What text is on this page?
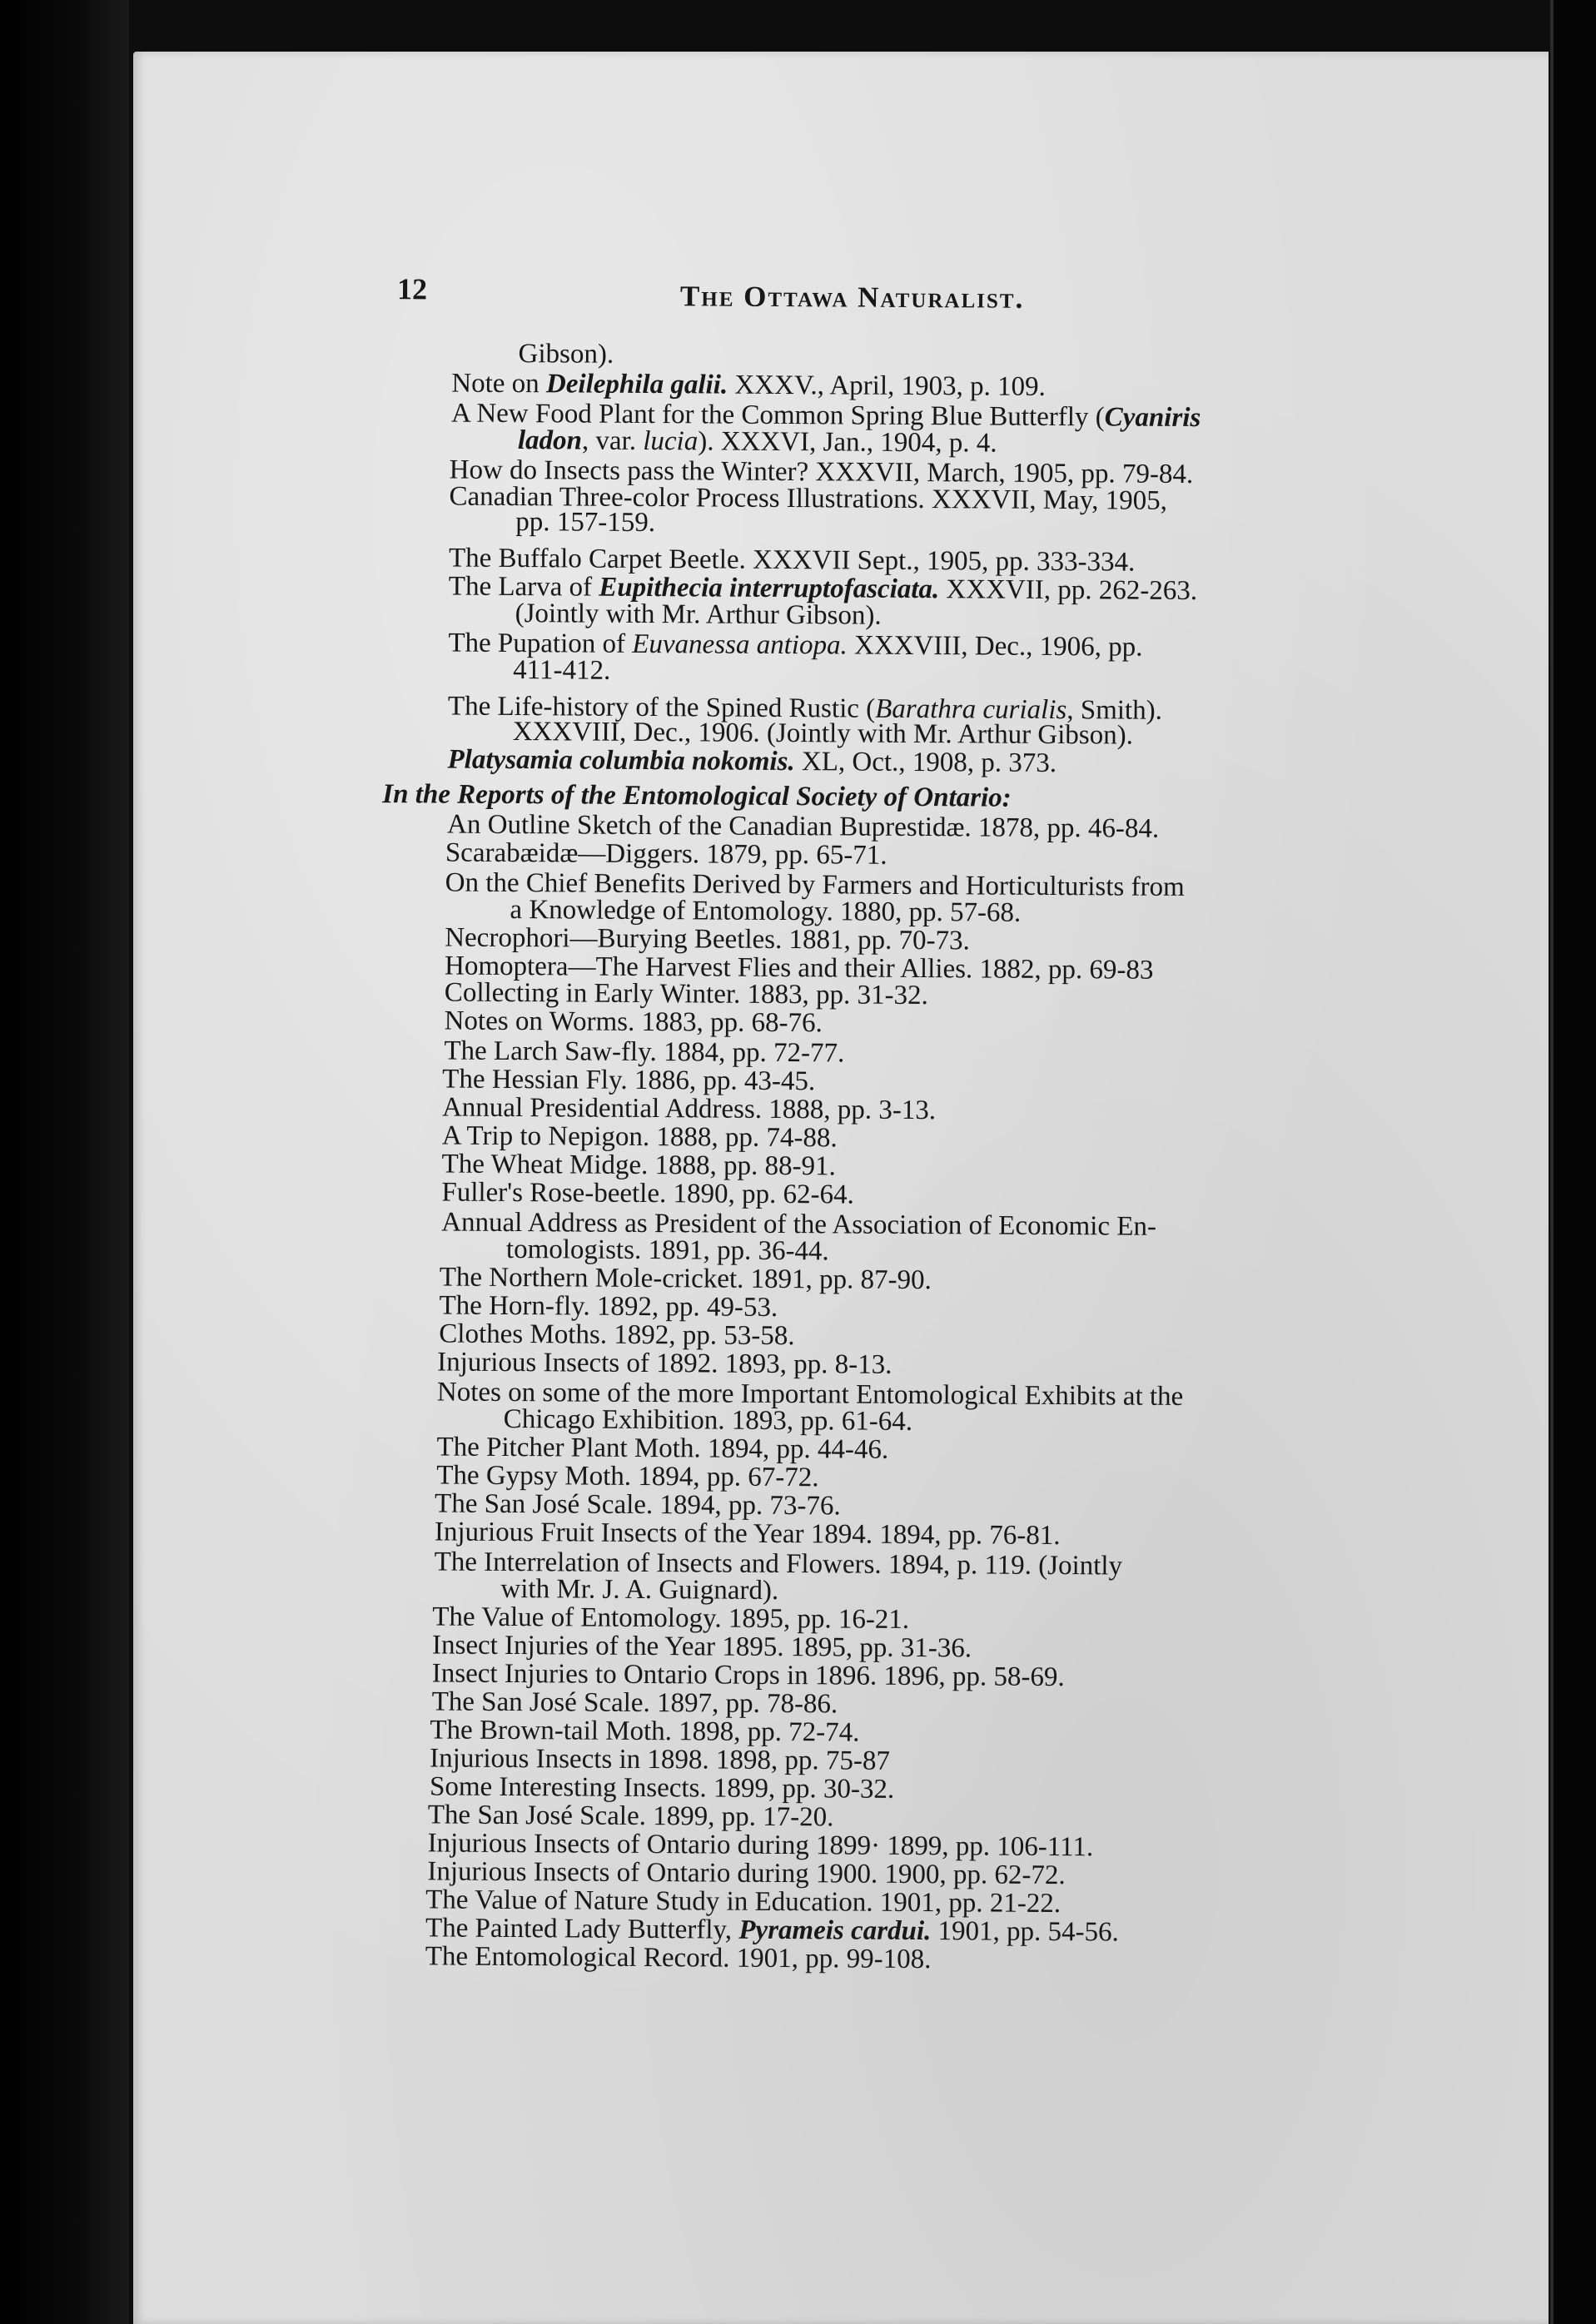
12	The Ottawa Naturalist.
Gibson).
Note on Deilephila galii. XXXV., April, 1903, p. 109.
A New Food Plant for the Common Spring Blue Butterfly (Cyaniris
ladon, var. lucia). XXXVI, Jan., 1904, p. 4.
How do Insects pass the Winter? XXXVII, March, 1905, pp. 79-84.
Canadian Three-color Process Illustrations. XXXVII, May, 1905,
pp. 157-159.
The Buffalo Carpet Beetle. XXXVII Sept., 1905, pp. 333-334.
The Larva of Eupithecia interruptofasciata. XXXVII, pp. 262-263.
(Jointly with Mr. Arthur Gibson).
The Pupation of Euvanessa antiopa. XXXVIII, Dec., 1906, pp.
411-412.
The Life-history of the Spined Rustic (Barathra curialis, Smith).
XXXVIII, Dec., 1906. (Jointly with Mr. Arthur Gibson).
Platysamia columbia nokomis. XL, Oct., 1908, p. 373.
In the Reports of the Entomological Society of Ontario:
An Outline Sketch of the Canadian Buprestidæ. 1878, pp. 46-84.
Scarabæidæ—Diggers. 1879, pp. 65-71.
On the Chief Benefits Derived by Farmers and Horticulturists from
a Knowledge of Entomology. 1880, pp. 57-68.
Necrophori—Burying Beetles. 1881, pp. 70-73.
Homoptera—The Harvest Flies and their Allies. 1882, pp. 69-83
Collecting in Early Winter. 1883, pp. 31-32.
Notes on Worms. 1883, pp. 68-76.
The Larch Saw-fly. 1884, pp. 72-77.
The Hessian Fly. 1886, pp. 43-45.
Annual Presidential Address. 1888, pp. 3-13.
A Trip to Nepigon. 1888, pp. 74-88.
The Wheat Midge. 1888, pp. 88-91.
Fuller's Rose-beetle. 1890, pp. 62-64.
Annual Address as President of the Association of Economic En-
tomologists. 1891, pp. 36-44.
The Northern Mole-cricket. 1891, pp. 87-90.
The Horn-fly. 1892, pp. 49-53.
Clothes Moths. 1892, pp. 53-58.
Injurious Insects of 1892. 1893, pp. 8-13.
Notes on some of the more Important Entomological Exhibits at the
Chicago Exhibition. 1893, pp. 61-64.
The Pitcher Plant Moth. 1894, pp. 44-46.
The Gypsy Moth. 1894, pp. 67-72.
The San José Scale. 1894, pp. 73-76.
Injurious Fruit Insects of the Year 1894. 1894, pp. 76-81.
The Interrelation of Insects and Flowers. 1894, p. 119. (Jointly
with Mr. J. A. Guignard).
The Value of Entomology. 1895, pp. 16-21.
Insect Injuries of the Year 1895. 1895, pp. 31-36.
Insect Injuries to Ontario Crops in 1896. 1896, pp. 58-69.
The San José Scale. 1897, pp. 78-86.
The Brown-tail Moth. 1898, pp. 72-74.
Injurious Insects in 1898. 1898, pp. 75-87
Some Interesting Insects. 1899, pp. 30-32.
The San José Scale. 1899, pp. 17-20.
Injurious Insects of Ontario during 1899· 1899, pp. 106-111.
Injurious Insects of Ontario during 1900. 1900, pp. 62-72.
The Value of Nature Study in Education. 1901, pp. 21-22.
The Painted Lady Butterfly, Pyrameis cardui. 1901, pp. 54-56.
The Entomological Record. 1901, pp. 99-108.
